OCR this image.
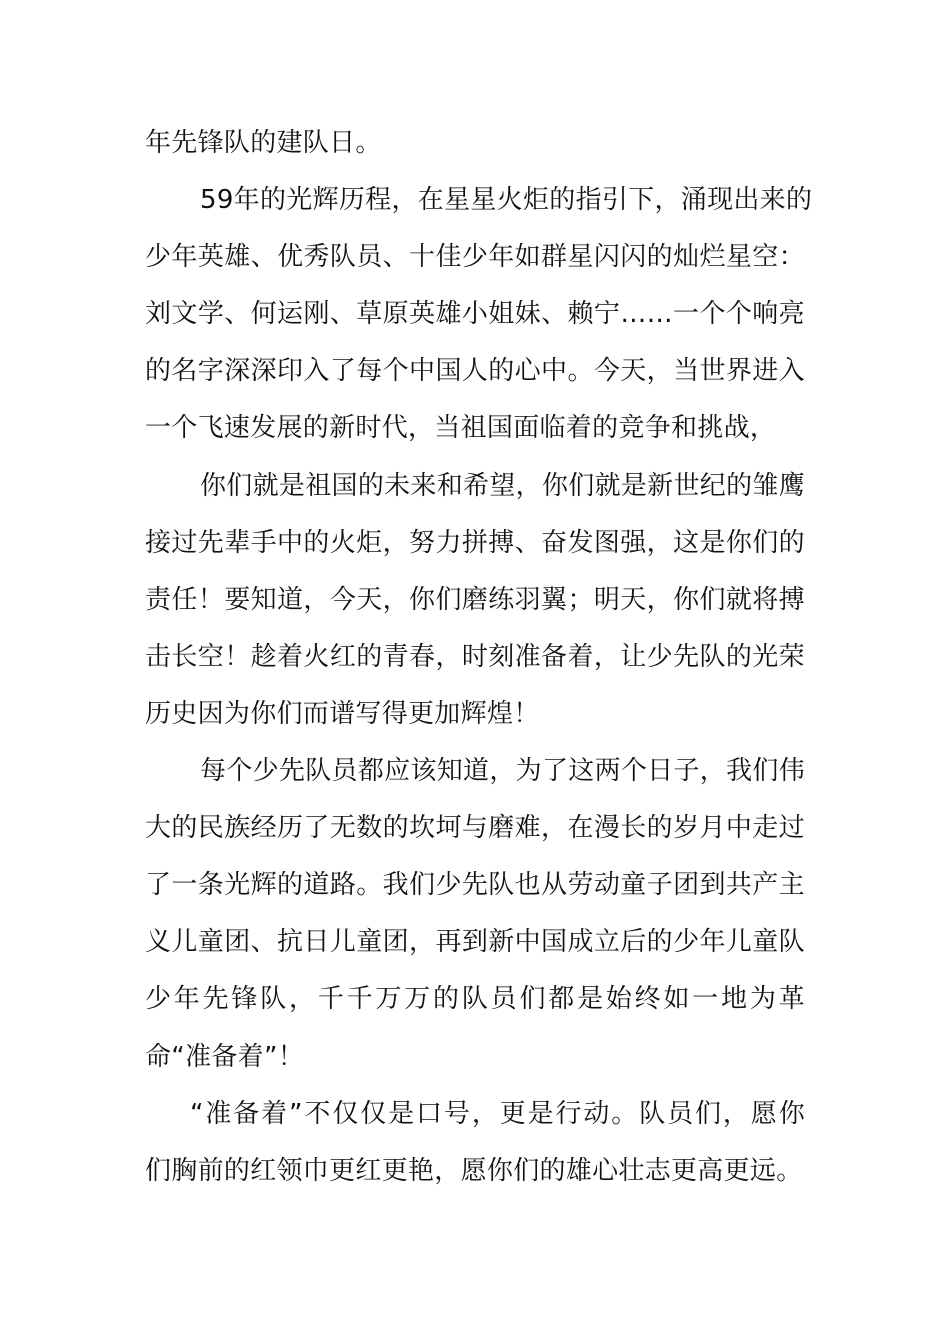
年先锋队的建队日。
59年的光辉历程，在星星火炬的指引下，涌现出来的
少年英雄、优秀队员、十佳少年如群星闪闪的灿烂星空：
刘文学、何运刚、草原英雄小姐妹、赖宁……一个个响亮
的名字深深印入了每个中国人的心中。今天，当世界进入
一个飞速发展的新时代，当祖国面临着的竞争和挑战，
你们就是祖国的未来和希望，你们就是新世纪的雏鹰
接过先辈手中的火炬，努力拼搏、奋发图强，这是你们的
责任！要知道，今天，你们磨练羽翼；明天，你们就将搏
击长空！趁着火红的青春，时刻准备着，让少先队的光荣
历史因为你们而谱写得更加辉煌！
每个少先队员都应该知道，为了这两个日子，我们伟
大的民族经历了无数的坎坷与磨难，在漫长的岁月中走过
了一条光辉的道路。我们少先队也从劳动童子团到共产主
义儿童团、抗日儿童团，再到新中国成立后的少年儿童队
少年先锋队，千千万万的队员们都是始终如一地为革
命“准备着”！
“准备着”不仅仅是口号，更是行动。队员们，愿你
们胸前的红领巾更红更艳，愿你们的雄心壮志更高更远。
